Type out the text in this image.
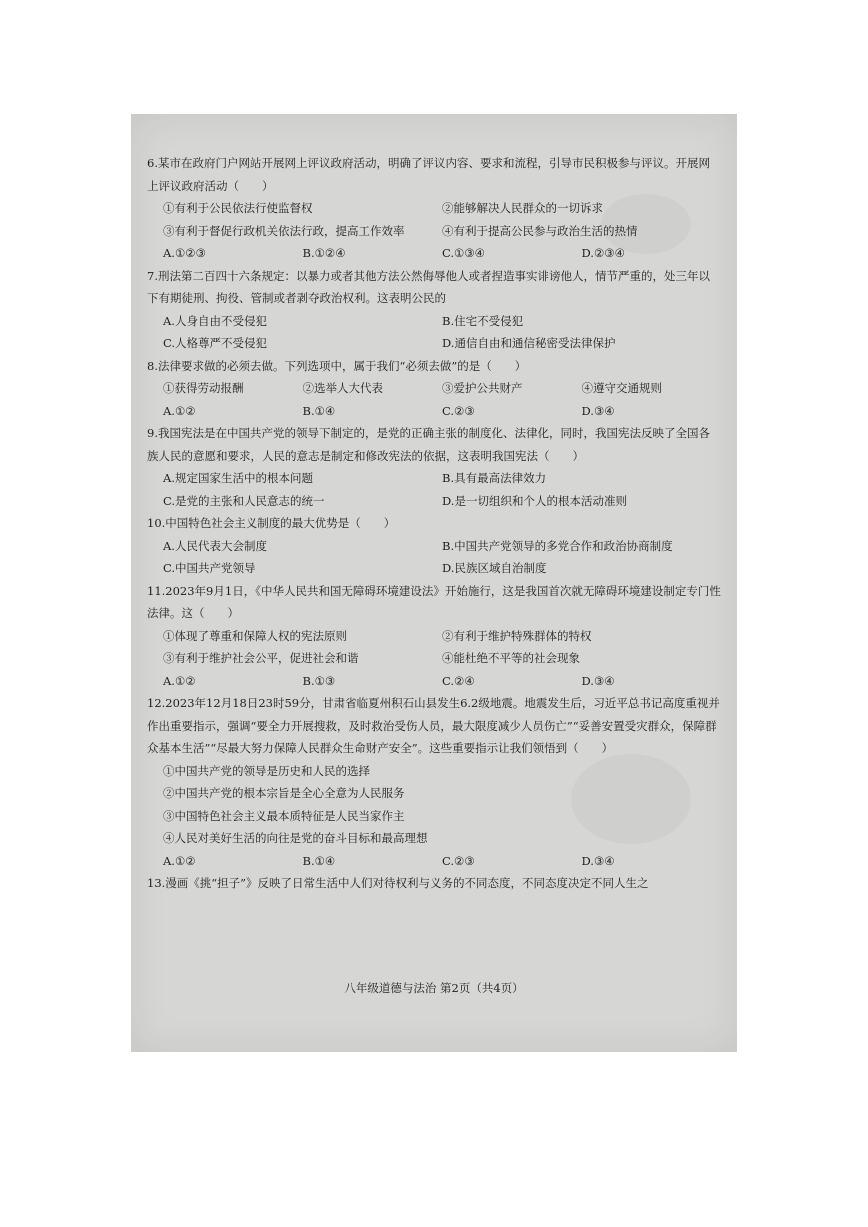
6.某市在政府门户网站开展网上评议政府活动，明确了评议内容、要求和流程，引导市民积极参与评议。开展网上评议政府活动（　　）
①有利于公民依法行使监督权	②能够解决人民群众的一切诉求
③有利于督促行政机关依法行政，提高工作效率	④有利于提高公民参与政治生活的热情
A.①②③	B.①②④	C.①③④	D.②③④
7.刑法第二百四十六条规定：以暴力或者其他方法公然侮辱他人或者捏造事实诽谤他人，情节严重的，处三年以下有期徒刑、拘役、管制或者剥夺政治权利。这表明公民的
A.人身自由不受侵犯	B.住宅不受侵犯
C.人格尊严不受侵犯	D.通信自由和通信秘密受法律保护
8.法律要求做的必须去做。下列选项中，属于我们“必须去做”的是（　　）
①获得劳动报酬	②选举人大代表	③爱护公共财产	④遵守交通规则
A.①②	B.①④	C.②③	D.③④
9.我国宪法是在中国共产党的领导下制定的，是党的正确主张的制度化、法律化，同时，我国宪法反映了全国各族人民的意愿和要求，人民的意志是制定和修改宪法的依据，这表明我国宪法（　　）
A.规定国家生活中的根本问题	B.具有最高法律效力
C.是党的主张和人民意志的统一	D.是一切组织和个人的根本活动准则
10.中国特色社会主义制度的最大优势是（　　）
A.人民代表大会制度	B.中国共产党领导的多党合作和政治协商制度
C.中国共产党领导	D.民族区域自治制度
11.2023年9月1日，《中华人民共和国无障碍环境建设法》开始施行，这是我国首次就无障碍环境建设制定专门性法律。这（　　）
①体现了尊重和保障人权的宪法原则	②有利于维护特殊群体的特权
③有利于维护社会公平，促进社会和谐	④能杜绝不平等的社会现象
A.①②	B.①③	C.②④	D.③④
12.2023年12月18日23时59分，甘肃省临夏州积石山县发生6.2级地震。地震发生后，习近平总书记高度重视并作出重要指示，强调“要全力开展搜救，及时救治受伤人员，最大限度减少人员伤亡”“妥善安置受灾群众，保障群众基本生活”“尽最大努力保障人民群众生命财产安全”。这些重要指示让我们领悟到（　　）
①中国共产党的领导是历史和人民的选择
②中国共产党的根本宗旨是全心全意为人民服务
③中国特色社会主义最本质特征是人民当家作主
④人民对美好生活的向往是党的奋斗目标和最高理想
A.①②	B.①④	C.②③	D.③④
13.漫画《挑“担子”》反映了日常生活中人们对待权利与义务的不同态度，不同态度决定不同人生之
八年级道德与法治 第2页（共4页）
